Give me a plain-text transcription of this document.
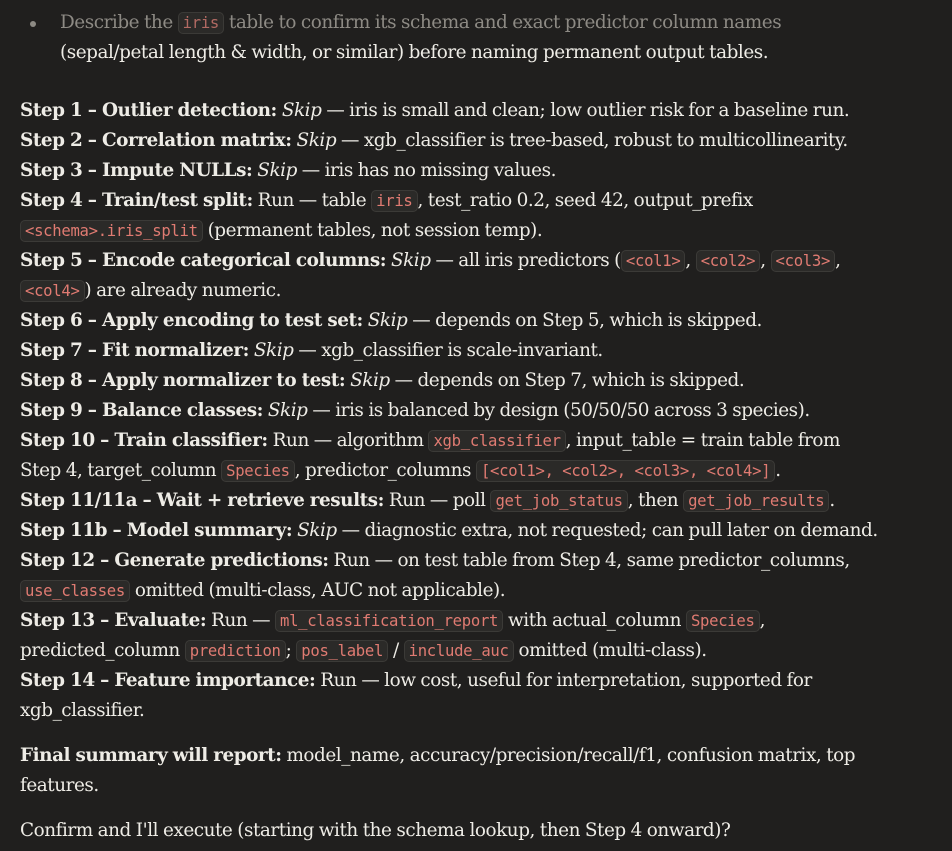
Describe the iris table to confirm its schema and exact predictor column names
(sepal/petal length & width, or similar) before naming permanent output tables.
Step 1 – Outlier detection: Skip — iris is small and clean; low outlier risk for a baseline run.
Step 2 – Correlation matrix: Skip — xgb_classifier is tree-based, robust to multicollinearity.
Step 3 – Impute NULLs: Skip — iris has no missing values.
Step 4 – Train/test split: Run — table iris , test_ratio 0.2, seed 42, output_prefix
<schema>.iris_split (permanent tables, not session temp).
Step 5 – Encode categorical columns: Skip — all iris predictors ( <col1> , <col2> , <col3> ,
<col4> ) are already numeric.
Step 6 – Apply encoding to test set: Skip — depends on Step 5, which is skipped.
Step 7 – Fit normalizer: Skip — xgb_classifier is scale-invariant.
Step 8 – Apply normalizer to test: Skip — depends on Step 7, which is skipped.
Step 9 – Balance classes: Skip — iris is balanced by design (50/50/50 across 3 species).
Step 10 – Train classifier: Run — algorithm xgb_classifier , input_table = train table from
Step 4, target_column Species , predictor_columns [<col1>, <col2>, <col3>, <col4>] .
Step 11/11a – Wait + retrieve results: Run — poll get_job_status , then get_job_results .
Step 11b – Model summary: Skip — diagnostic extra, not requested; can pull later on demand.
Step 12 – Generate predictions: Run — on test table from Step 4, same predictor_columns,
use_classes omitted (multi-class, AUC not applicable).
Step 13 – Evaluate: Run — ml_classification_report with actual_column Species ,
predicted_column prediction ; pos_label / include_auc omitted (multi-class).
Step 14 – Feature importance: Run — low cost, useful for interpretation, supported for
xgb_classifier.
Final summary will report: model_name, accuracy/precision/recall/f1, confusion matrix, top
features.
Confirm and I'll execute (starting with the schema lookup, then Step 4 onward)?
